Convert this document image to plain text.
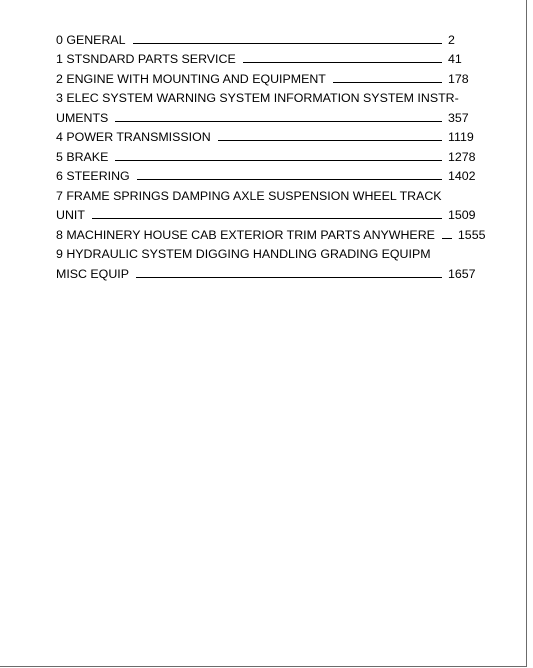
0 GENERAL	2
1 STSNDARD PARTS SERVICE	41
2 ENGINE WITH MOUNTING AND EQUIPMENT	178
3 ELEC SYSTEM WARNING SYSTEM INFORMATION SYSTEM INSTR-
UMENTS	357
4 POWER TRANSMISSION	1119
5 BRAKE	1278
6 STEERING	1402
7 FRAME SPRINGS DAMPING AXLE SUSPENSION WHEEL TRACK
UNIT	1509
8 MACHINERY HOUSE CAB EXTERIOR TRIM PARTS ANYWHERE 1555
9 HYDRAULIC SYSTEM DIGGING HANDLING GRADING EQUIPM
MISC EQUIP	1657
